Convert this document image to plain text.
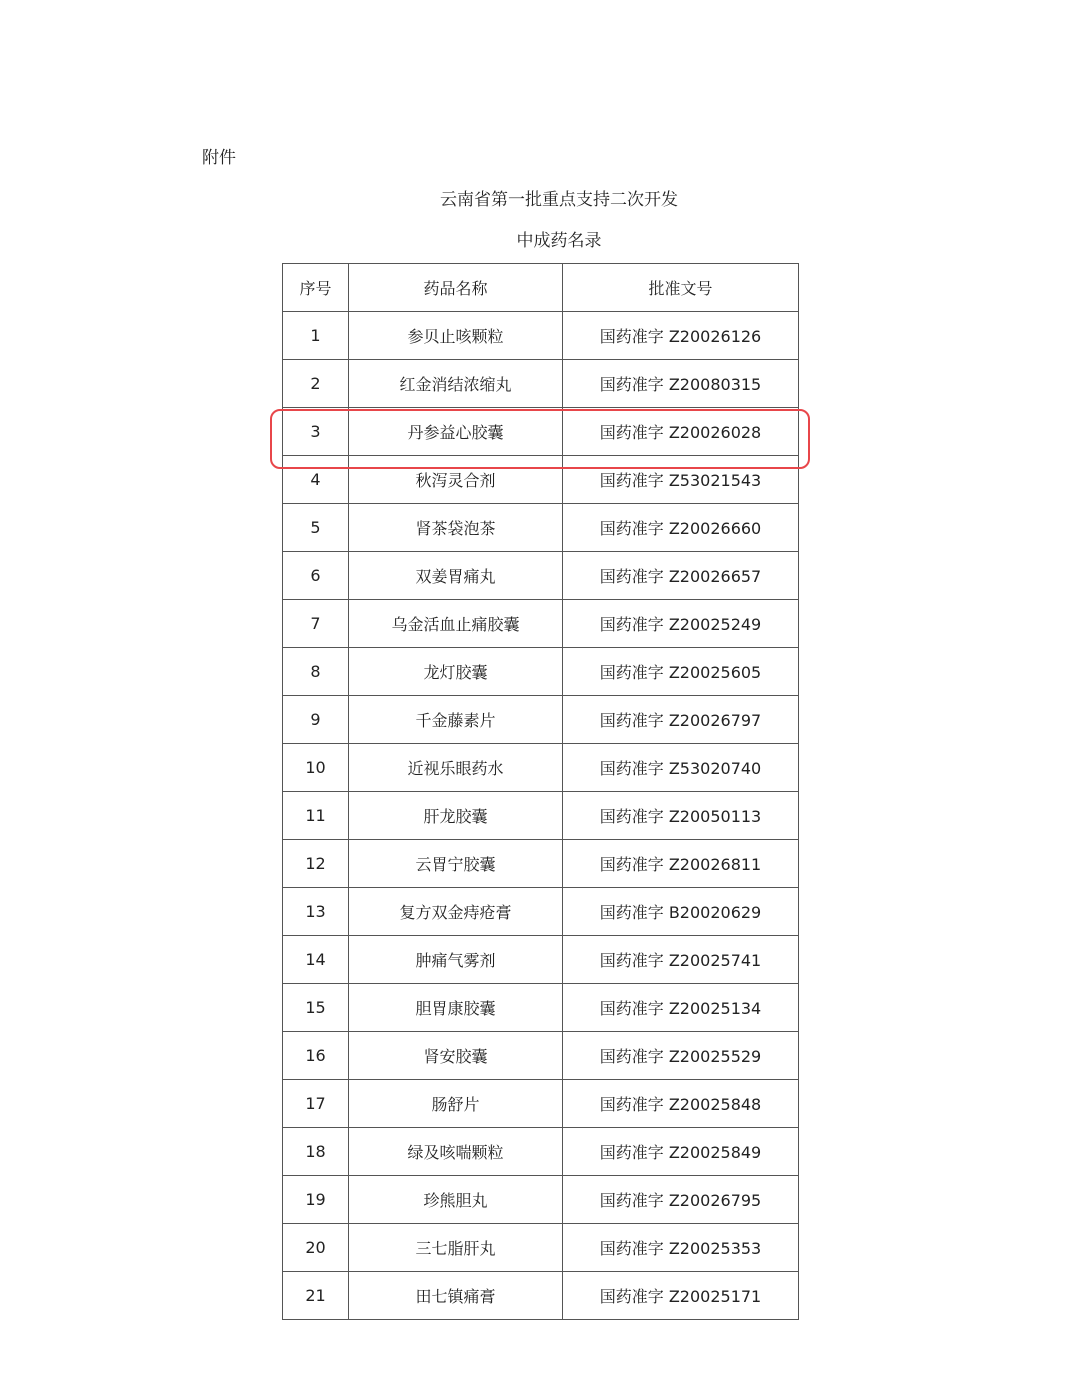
附件
云南省第一批重点支持二次开发
中成药名录
序号	药品名称	批准文号
1	参贝止咳颗粒	国药准字 Z20026126
2	红金消结浓缩丸	国药准字 Z20080315
3	丹参益心胶囊	国药准字 Z20026028
4	秋泻灵合剂	国药准字 Z53021543
5	肾茶袋泡茶	国药准字 Z20026660
6	双姜胃痛丸	国药准字 Z20026657
7	乌金活血止痛胶囊	国药准字 Z20025249
8	龙灯胶囊	国药准字 Z20025605
9	千金藤素片	国药准字 Z20026797
10	近视乐眼药水	国药准字 Z53020740
11	肝龙胶囊	国药准字 Z20050113
12	云胃宁胶囊	国药准字 Z20026811
13	复方双金痔疮膏	国药准字 B20020629
14	肿痛气雾剂	国药准字 Z20025741
15	胆胃康胶囊	国药准字 Z20025134
16	肾安胶囊	国药准字 Z20025529
17	肠舒片	国药准字 Z20025848
18	绿及咳喘颗粒	国药准字 Z20025849
19	珍熊胆丸	国药准字 Z20026795
20	三七脂肝丸	国药准字 Z20025353
21	田七镇痛膏	国药准字 Z20025171
